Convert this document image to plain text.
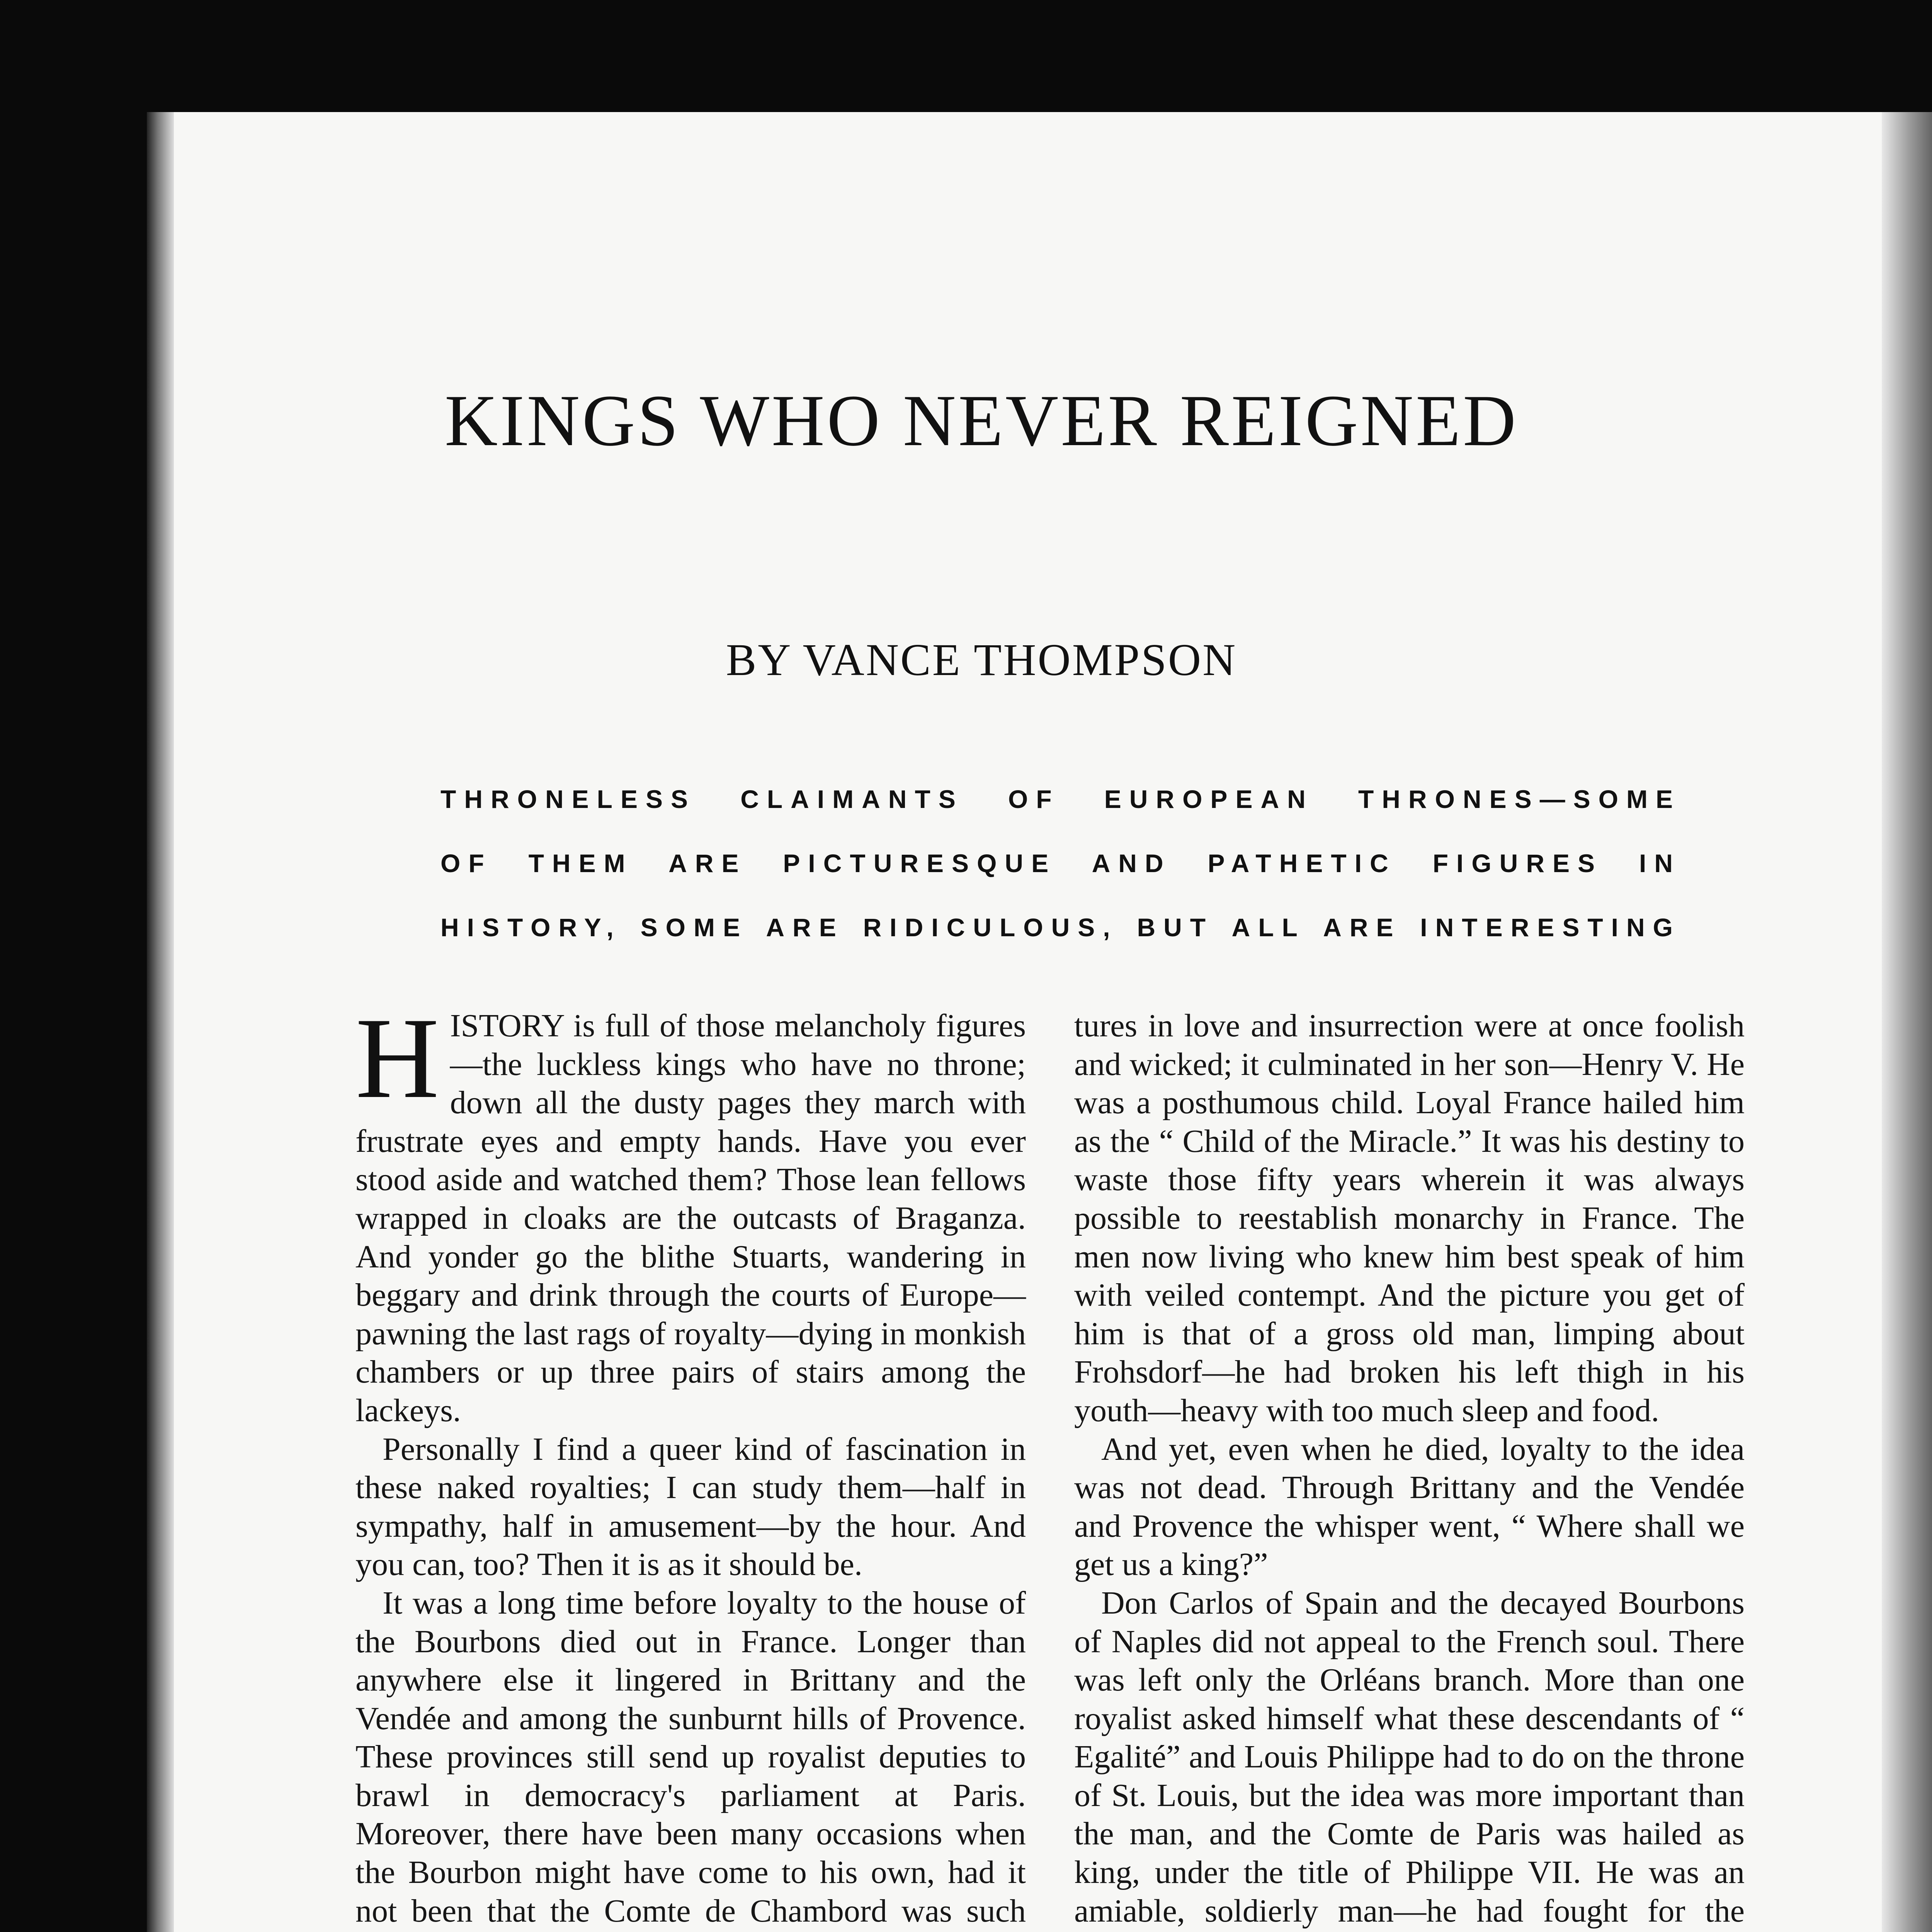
KINGS WHO NEVER REIGNED
BY VANCE THOMPSON
THRONELESS CLAIMANTS OF EUROPEAN THRONES—SOME
OF THEM ARE PICTURESQUE AND PATHETIC FIGURES IN
HISTORY, SOME ARE RIDICULOUS, BUT ALL ARE INTERESTING

HISTORY is full of those melancholy figures—the luckless kings who have no throne; down all the dusty pages they march with frustrate eyes and empty hands. Have you ever stood aside and watched them? Those lean fellows wrapped in cloaks are the outcasts of Braganza. And yonder go the blithe Stuarts, wandering in beggary and drink through the courts of Europe—pawning the last rags of royalty—dying in monkish chambers or up three pairs of stairs among the lackeys.

Personally I find a queer kind of fascination in these naked royalties; I can study them—half in sympathy, half in amusement—by the hour. And you can, too? Then it is as it should be.

It was a long time before loyalty to the house of the Bourbons died out in France. Longer than anywhere else it lingered in Brittany and the Vendée and among the sunburnt hills of Provence. These provinces still send up royalist deputies to brawl in democracy's parliament at Paris. Moreover, there have been many occasions when the Bourbon might have come to his own, had it not been that the Comte de Chambord was such

tures in love and insurrection were at once foolish and wicked; it culminated in her son—Henry V. He was a posthumous child. Loyal France hailed him as the “ Child of the Miracle.” It was his destiny to waste those fifty years wherein it was always possible to reestablish monarchy in France. The men now living who knew him best speak of him with veiled contempt. And the picture you get of him is that of a gross old man, limping about Frohsdorf—he had broken his left thigh in his youth—heavy with too much sleep and food.

And yet, even when he died, loyalty to the idea was not dead. Through Brittany and the Vendée and Provence the whisper went, “ Where shall we get us a king?”

Don Carlos of Spain and the decayed Bourbons of Naples did not appeal to the French soul. There was left only the Orléans branch. More than one royalist asked himself what these descendants of “ Egalité” and Louis Philippe had to do on the throne of St. Louis, but the idea was more important than the man, and the Comte de Paris was hailed as king, under the title of Philippe VII. He was an amiable, soldierly man—he had fought for the
